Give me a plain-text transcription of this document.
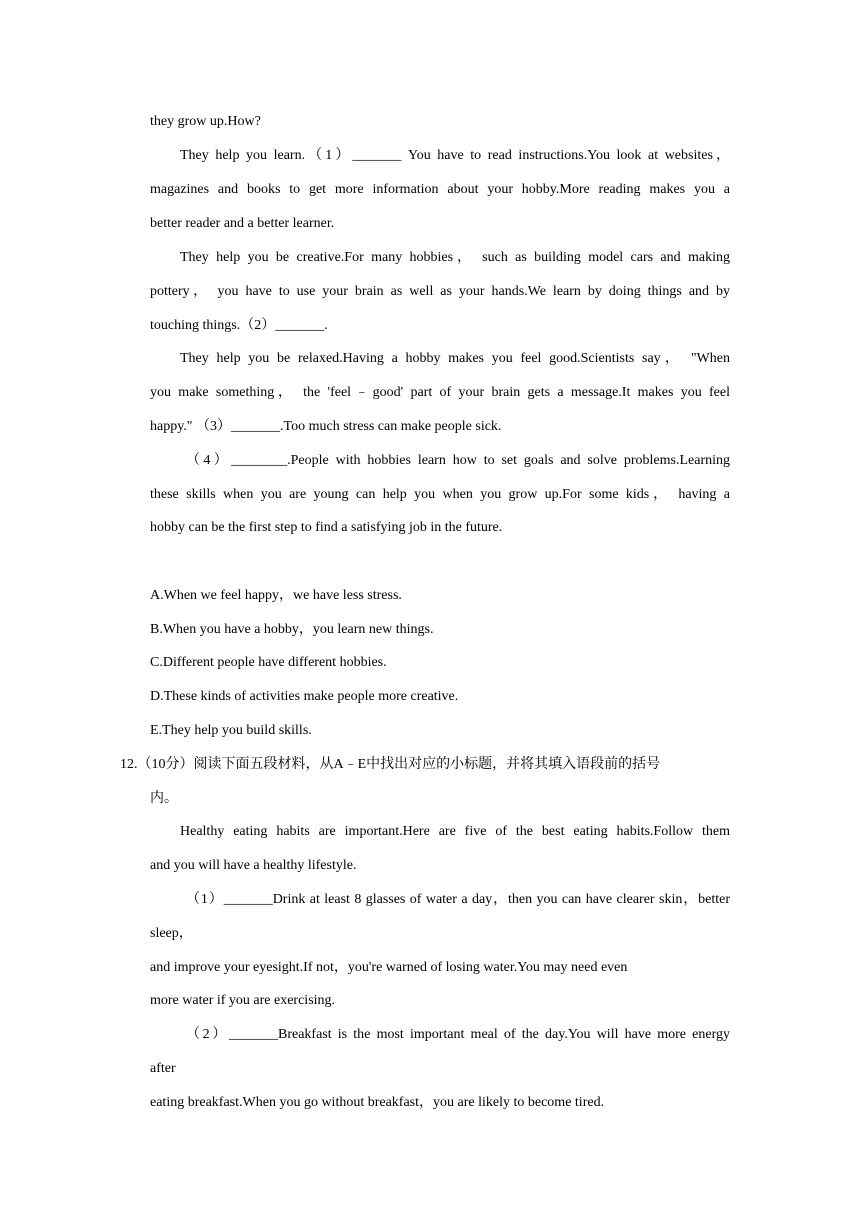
they grow up.How?
They help you learn.（1）_______ You have to read instructions.You look at websites，
magazines and books to get more information about your hobby.More reading makes you a
better reader and a better learner.
They help you be creative.For many hobbies， such as building model cars and making
pottery， you have to use your brain as well as your hands.We learn by doing things and by
touching things.（2）_______.
They help you be relaxed.Having a hobby makes you feel good.Scientists say， "When
you make something， the 'feel﹣good' part of your brain gets a message.It makes you feel
happy." （3）_______.Too much stress can make people sick.
（4）________.People with hobbies learn how to set goals and solve problems.Learning
these skills when you are young can help you when you grow up.For some kids， having a
hobby can be the first step to find a satisfying job in the future.
A.When we feel happy，we have less stress.
B.When you have a hobby，you learn new things.
C.Different people have different hobbies.
D.These kinds of activities make people more creative.
E.They help you build skills.
12.（10分）阅读下面五段材料，从A﹣E中找出对应的小标题，并将其填入语段前的括号
内。
Healthy eating habits are important.Here are five of the best eating habits.Follow them
and you will have a healthy lifestyle.
（1）_______Drink at least 8 glasses of water a day，then you can have clearer skin，better
sleep，
and improve your eyesight.If not，you're warned of losing water.You may need even
more water if you are exercising.
（2）_______Breakfast is the most important meal of the day.You will have more energy
after
eating breakfast.When you go without breakfast，you are likely to become tired.
